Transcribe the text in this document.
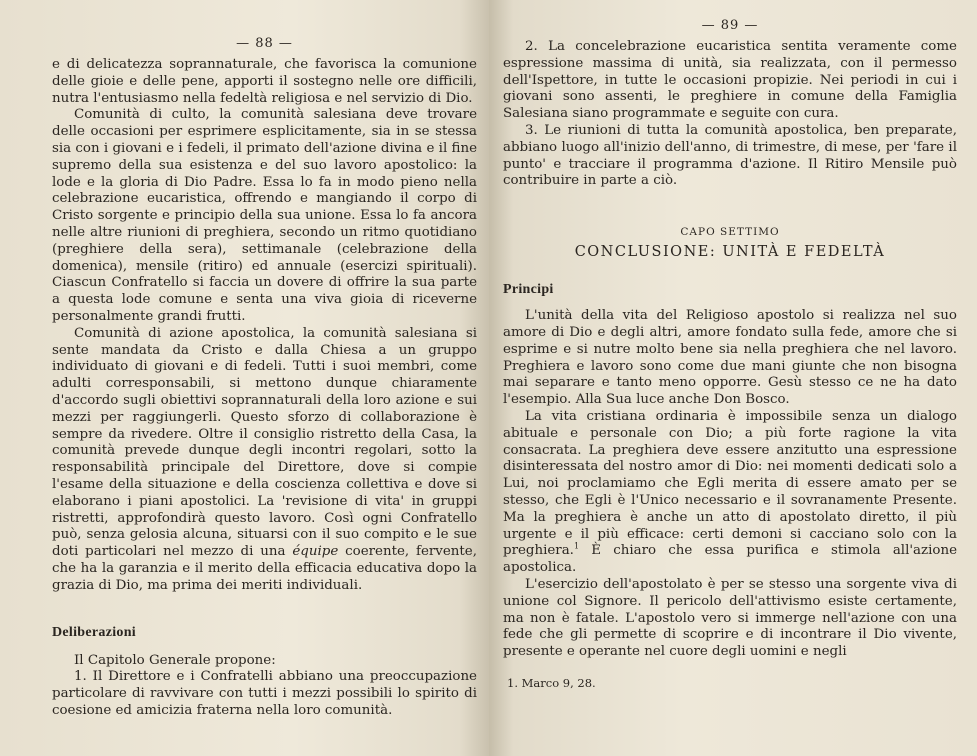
— 88 —

e di delicatezza soprannaturale, che favorisca la comunione delle gioie e delle pene, apporti il sostegno nelle ore difficili, nutra l'entusiasmo nella fedeltà religiosa e nel servizio di Dio.

Comunità di culto, la comunità salesiana deve trovare delle occasioni per esprimere esplicitamente, sia in se stessa sia con i giovani e i fedeli, il primato dell'azione divina e il fine supremo della sua esistenza e del suo lavoro apostolico: la lode e la gloria di Dio Padre. Essa lo fa in modo pieno nella celebrazione eucaristica, offrendo e mangiando il corpo di Cristo sorgente e principio della sua unione. Essa lo fa ancora nelle altre riunioni di preghiera, secondo un ritmo quotidiano (preghiere della sera), settimanale (celebrazione della domenica), mensile (ritiro) ed annuale (esercizi spirituali). Ciascun Confratello si faccia un dovere di offrire la sua parte a questa lode comune e senta una viva gioia di riceverne personalmente grandi frutti.

Comunità di azione apostolica, la comunità salesiana si sente mandata da Cristo e dalla Chiesa a un gruppo individuato di giovani e di fedeli. Tutti i suoi membri, come adulti corresponsabili, si mettono dunque chiaramente d'accordo sugli obiettivi soprannaturali della loro azione e sui mezzi per raggiungerli. Questo sforzo di collaborazione è sempre da rivedere. Oltre il consiglio ristretto della Casa, la comunità prevede dunque degli incontri regolari, sotto la responsabilità principale del Direttore, dove si compie l'esame della situazione e della coscienza collettiva e dove si elaborano i piani apostolici. La 'revisione di vita' in gruppi ristretti, approfondirà questo lavoro. Così ogni Confratello può, senza gelosia alcuna, situarsi con il suo compito e le sue doti particolari nel mezzo di una équipe coerente, fervente, che ha la garanzia e il merito della efficacia educativa dopo la grazia di Dio, ma prima dei meriti individuali.

Deliberazioni

Il Capitolo Generale propone:

1. Il Direttore e i Confratelli abbiano una preoccupazione particolare di ravvivare con tutti i mezzi possibili lo spirito di coesione ed amicizia fraterna nella loro comunità.

— 89 —

2. La concelebrazione eucaristica sentita veramente come espressione massima di unità, sia realizzata, con il permesso dell'Ispettore, in tutte le occasioni propizie. Nei periodi in cui i giovani sono assenti, le preghiere in comune della Famiglia Salesiana siano programmate e seguite con cura.

3. Le riunioni di tutta la comunità apostolica, ben preparate, abbiano luogo all'inizio dell'anno, di trimestre, di mese, per 'fare il punto' e tracciare il programma d'azione. Il Ritiro Mensile può contribuire in parte a ciò.

CAPO SETTIMO
CONCLUSIONE: UNITÀ E FEDELTÀ
Principi

L'unità della vita del Religioso apostolo si realizza nel suo amore di Dio e degli altri, amore fondato sulla fede, amore che si esprime e si nutre molto bene sia nella preghiera che nel lavoro. Preghiera e lavoro sono come due mani giunte che non bisogna mai separare e tanto meno opporre. Gesù stesso ce ne ha dato l'esempio. Alla Sua luce anche Don Bosco.

La vita cristiana ordinaria è impossibile senza un dialogo abituale e personale con Dio; a più forte ragione la vita consacrata. La preghiera deve essere anzitutto una espressione disinteressata del nostro amor di Dio: nei momenti dedicati solo a Lui, noi proclamiamo che Egli merita di essere amato per se stesso, che Egli è l'Unico necessario e il sovranamente Presente. Ma la preghiera è anche un atto di apostolato diretto, il più urgente e il più efficace: certi demoni si cacciano solo con la preghiera.$^1$ È chiaro che essa purifica e stimola all'azione apostolica.

L'esercizio dell'apostolato è per se stesso una sorgente viva di unione col Signore. Il pericolo dell'attivismo esiste certamente, ma non è fatale. L'apostolo vero si immerge nell'azione con una fede che gli permette di scoprire e di incontrare il Dio vivente, presente e operante nel cuore degli uomini e negli

1. Marco 9, 28.
